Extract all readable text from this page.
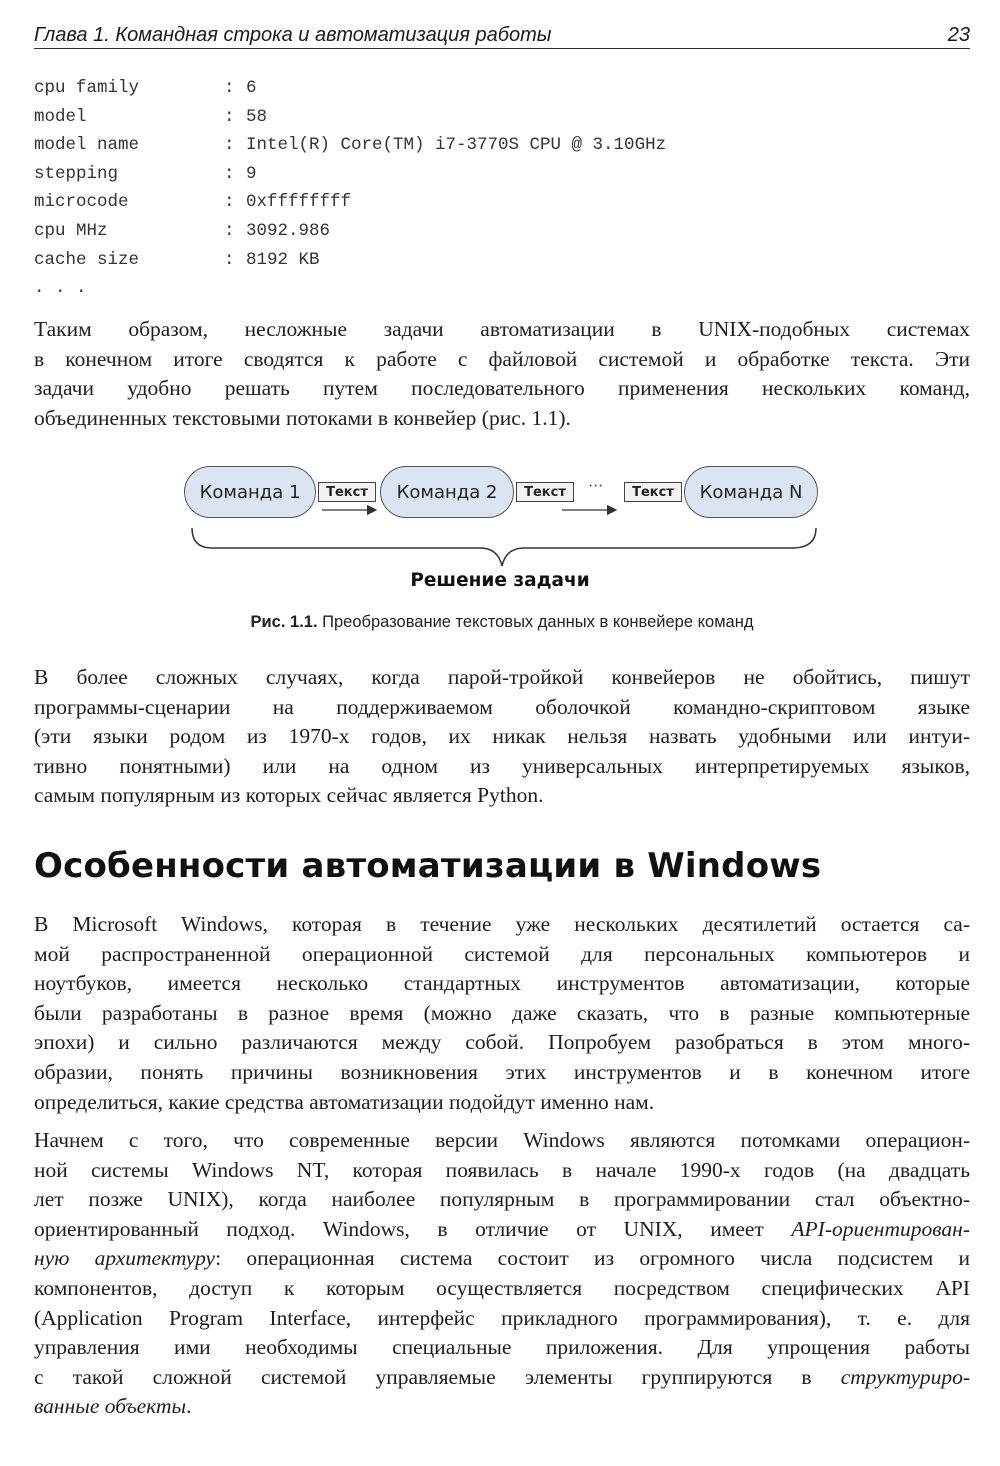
Глава 1. Командная строка и автоматизация работы	23
cpu family	: 6
model	: 58
model name	: Intel(R) Core(TM) i7-3770S CPU @ 3.10GHz
stepping	: 9
microcode	: 0xffffffff
cpu MHz	: 3092.986
cache size	: 8192 KB
. . .
Таким образом, несложные задачи автоматизации в UNIX-подобных системах
в конечном итоге сводятся к работе с файловой системой и обработке текста. Эти
задачи удобно решать путем последовательного применения нескольких команд,
объединенных текстовыми потоками в конвейер (рис. 1.1).
Команда 1	Текст	Команда 2	Текст	···	Текст	Команда N
Решение задачи
Рис. 1.1. Преобразование текстовых данных в конвейере команд
В более сложных случаях, когда парой-тройкой конвейеров не обойтись, пишут
программы-сценарии на поддерживаемом оболочкой командно-скриптовом языке
(эти языки родом из 1970-х годов, их никак нельзя назвать удобными или интуи-
тивно понятными) или на одном из универсальных интерпретируемых языков,
самым популярным из которых сейчас является Python.
Особенности автоматизации в Windows
В Microsoft Windows, которая в течение уже нескольких десятилетий остается са-
мой распространенной операционной системой для персональных компьютеров и
ноутбуков, имеется несколько стандартных инструментов автоматизации, которые
были разработаны в разное время (можно даже сказать, что в разные компьютерные
эпохи) и сильно различаются между собой. Попробуем разобраться в этом много-
образии, понять причины возникновения этих инструментов и в конечном итоге
определиться, какие средства автоматизации подойдут именно нам.
Начнем с того, что современные версии Windows являются потомками операцион-
ной системы Windows NT, которая появилась в начале 1990-х годов (на двадцать
лет позже UNIX), когда наиболее популярным в программировании стал объектно-
ориентированный подход. Windows, в отличие от UNIX, имеет API-ориентирован-
ную архитектуру: операционная система состоит из огромного числа подсистем и
компонентов, доступ к которым осуществляется посредством специфических API
(Application Program Interface, интерфейс прикладного программирования), т. е. для
управления ими необходимы специальные приложения. Для упрощения работы
с такой сложной системой управляемые элементы группируются в структуриро-
ванные объекты.
